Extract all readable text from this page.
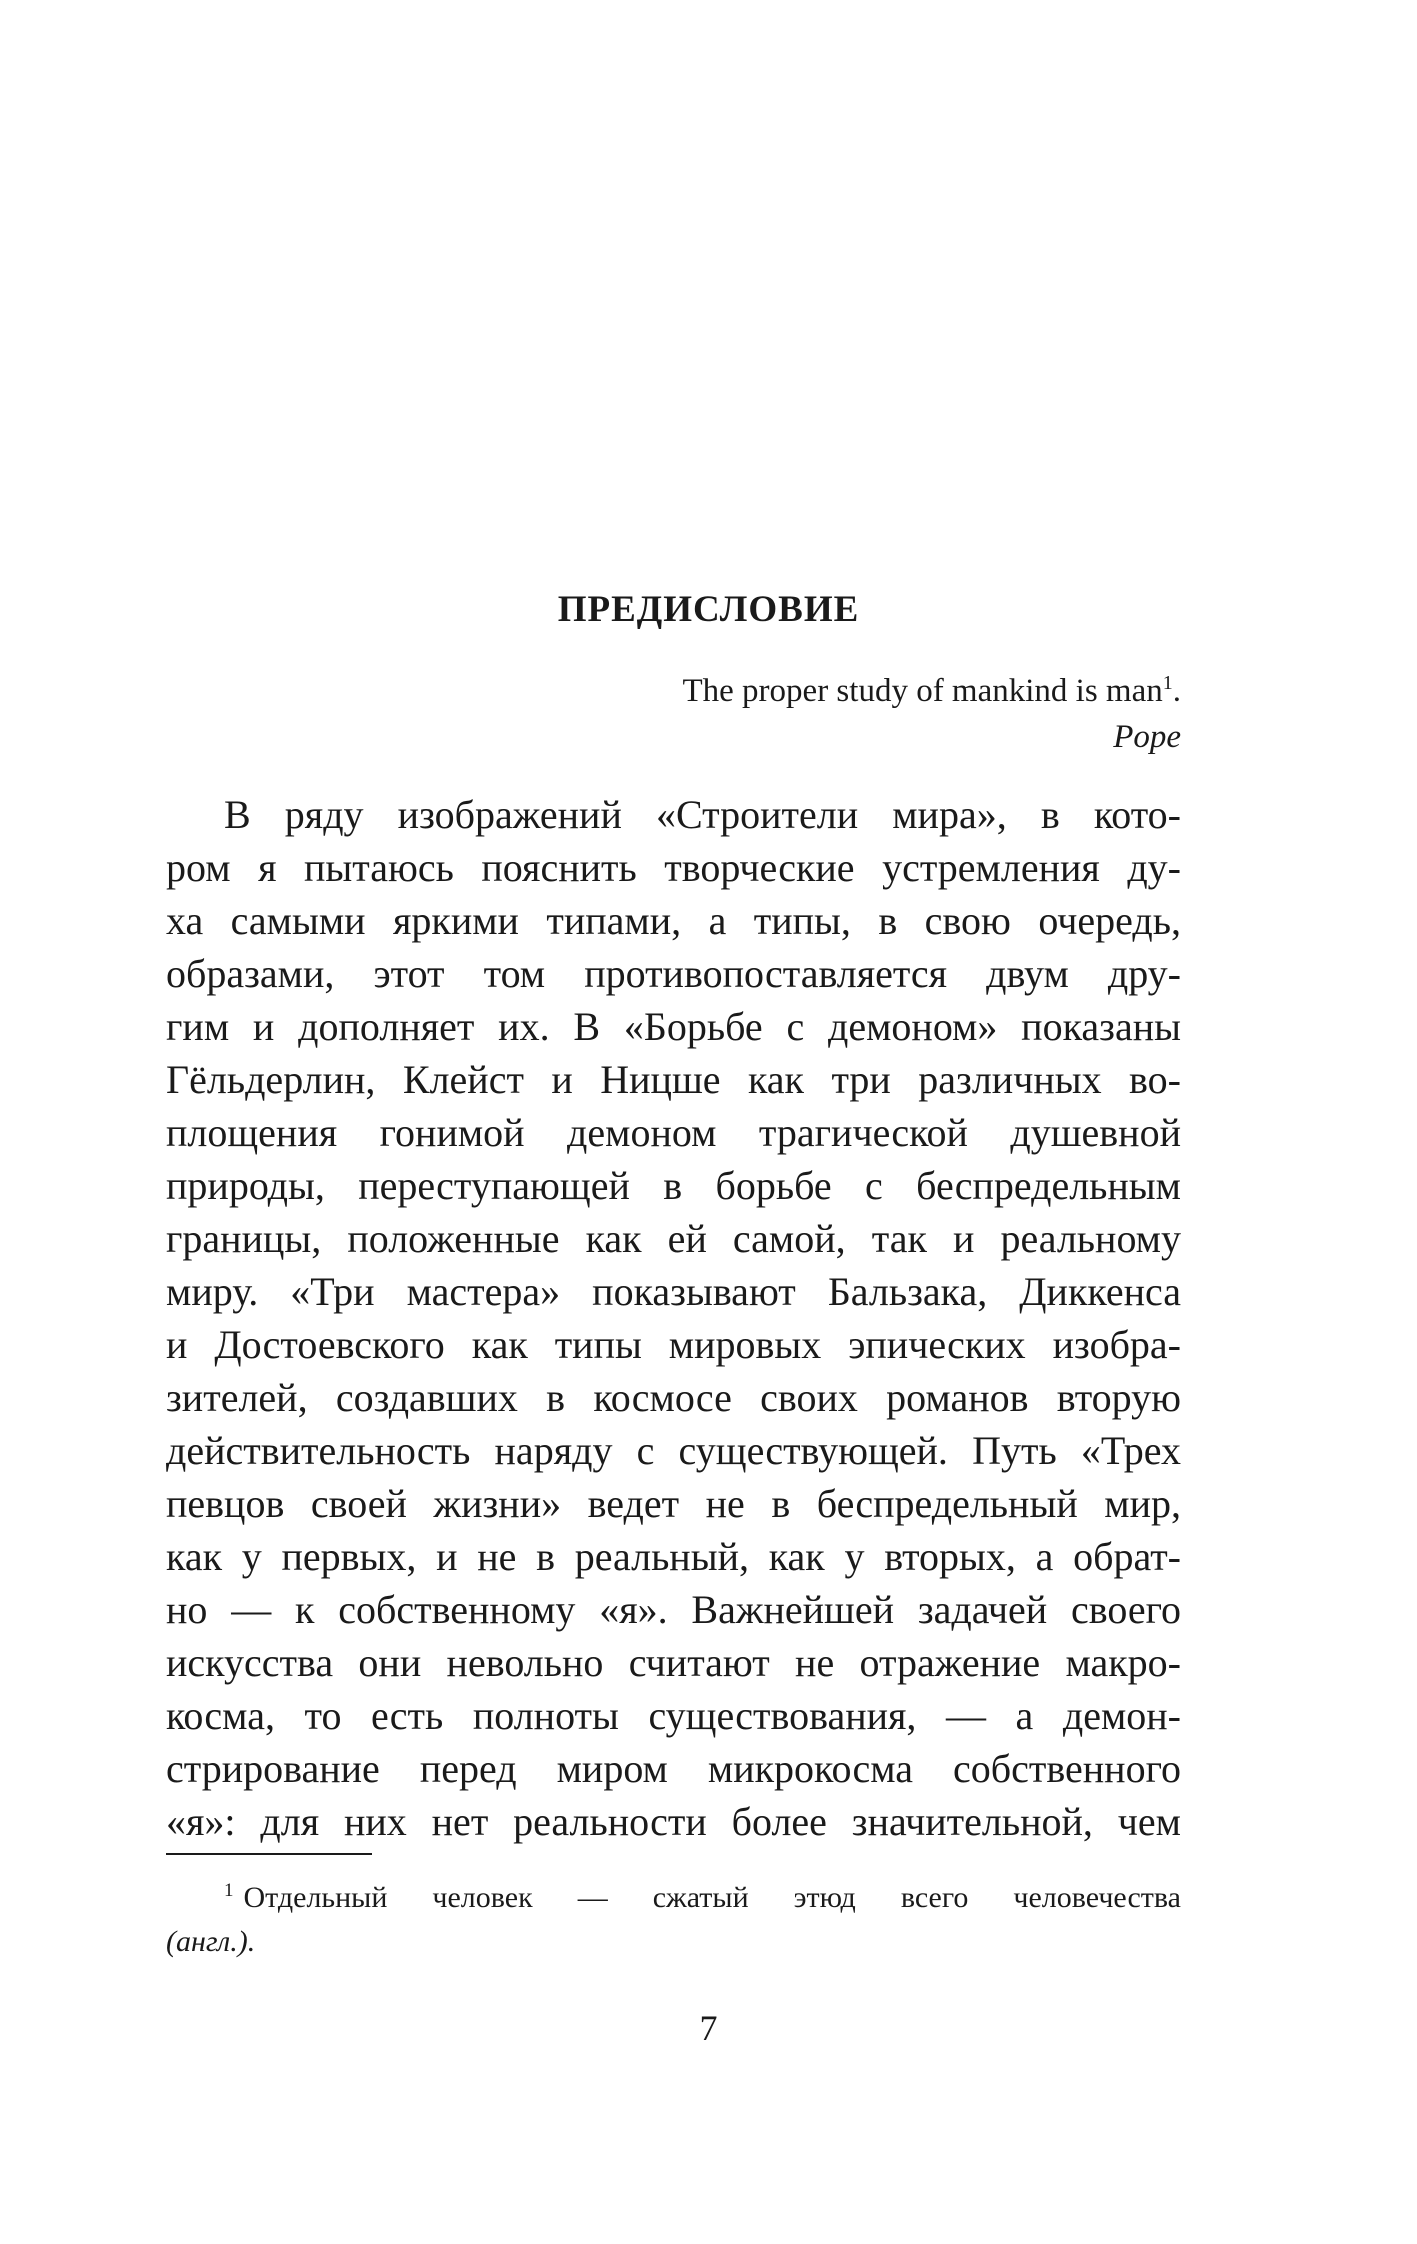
ПРЕДИСЛОВИЕ
The proper study of mankind is man$^1$.
Pope
В ряду изображений «Строители мира», в кото-
ром я пытаюсь пояснить творческие устремления ду-
ха самыми яркими типами, а типы, в свою очередь,
образами, этот том противопоставляется двум дру-
гим и дополняет их. В «Борьбе с демоном» показаны
Гёльдерлин, Клейст и Ницше как три различных во-
площения гонимой демоном трагической душевной
природы, переступающей в борьбе с беспредельным
границы, положенные как ей самой, так и реальному
миру. «Три мастера» показывают Бальзака, Диккенса
и Достоевского как типы мировых эпических изобра-
зителей, создавших в космосе своих романов вторую
действительность наряду с существующей. Путь «Трех
певцов своей жизни» ведет не в беспредельный мир,
как у первых, и не в реальный, как у вторых, а обрат-
но — к собственному «я». Важнейшей задачей своего
искусства они невольно считают не отражение макро-
косма, то есть полноты существования, — а демон-
стрирование перед миром микрокосма собственного
«я»: для них нет реальности более значительной, чем
$^1$ Отдельный человек — сжатый этюд всего человечества
(англ.).
7
